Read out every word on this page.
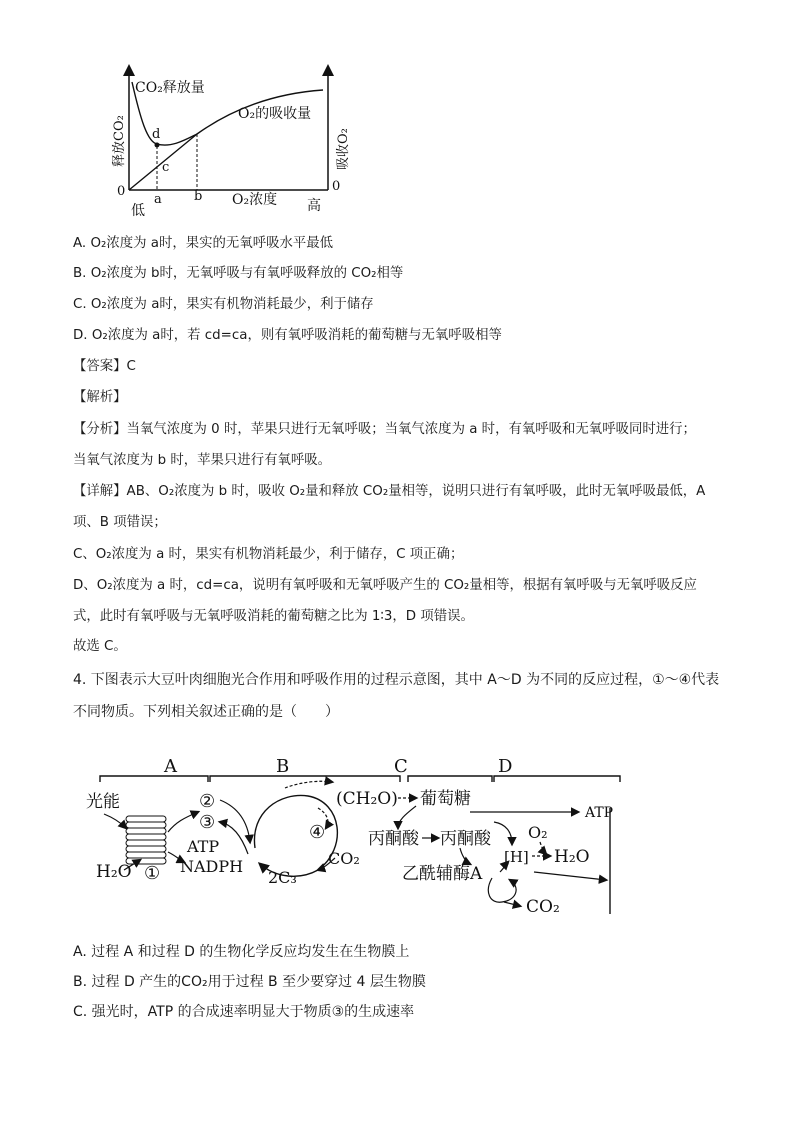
CO₂释放量
O₂的吸收量
释放CO₂	吸收O₂
0	0
d
c
a b O₂浓度
低	高
A. O₂浓度为 a时，果实的无氧呼吸水平最低
B. O₂浓度为 b时，无氧呼吸与有氧呼吸释放的 CO₂相等
C. O₂浓度为 a时，果实有机物消耗最少，利于储存
D. O₂浓度为 a时，若 cd=ca，则有氧呼吸消耗的葡萄糖与无氧呼吸相等
【答案】C
【解析】
【分析】当氧气浓度为 0 时，苹果只进行无氧呼吸；当氧气浓度为 a 时，有氧呼吸和无氧呼吸同时进行；
当氧气浓度为 b 时，苹果只进行有氧呼吸。
【详解】AB、O₂浓度为 b 时，吸收 O₂量和释放 CO₂量相等，说明只进行有氧呼吸，此时无氧呼吸最低，A
项、B 项错误；
C、O₂浓度为 a 时，果实有机物消耗最少，利于储存，C 项正确；
D、O₂浓度为 a 时，cd=ca，说明有氧呼吸和无氧呼吸产生的 CO₂量相等，根据有氧呼吸与无氧呼吸反应
式，此时有氧呼吸与无氧呼吸消耗的葡萄糖之比为 1∶3，D 项错误。
故选 C。
4. 下图表示大豆叶肉细胞光合作用和呼吸作用的过程示意图，其中 A～D 为不同的反应过程，①～④代表
不同物质。下列相关叙述正确的是（　　）
A	B	C	D
光能
H₂O ①
②
③
ATP
NADPH
④
2C₃
CO₂
(CH₂O) 葡萄糖
ATP
丙酮酸 丙酮酸
[H]
O₂
H₂O
乙酰辅酶A
CO₂
A. 过程 A 和过程 D 的生物化学反应均发生在生物膜上
B. 过程 D 产生的CO₂用于过程 B 至少要穿过 4 层生物膜
C. 强光时，ATP 的合成速率明显大于物质③的生成速率
